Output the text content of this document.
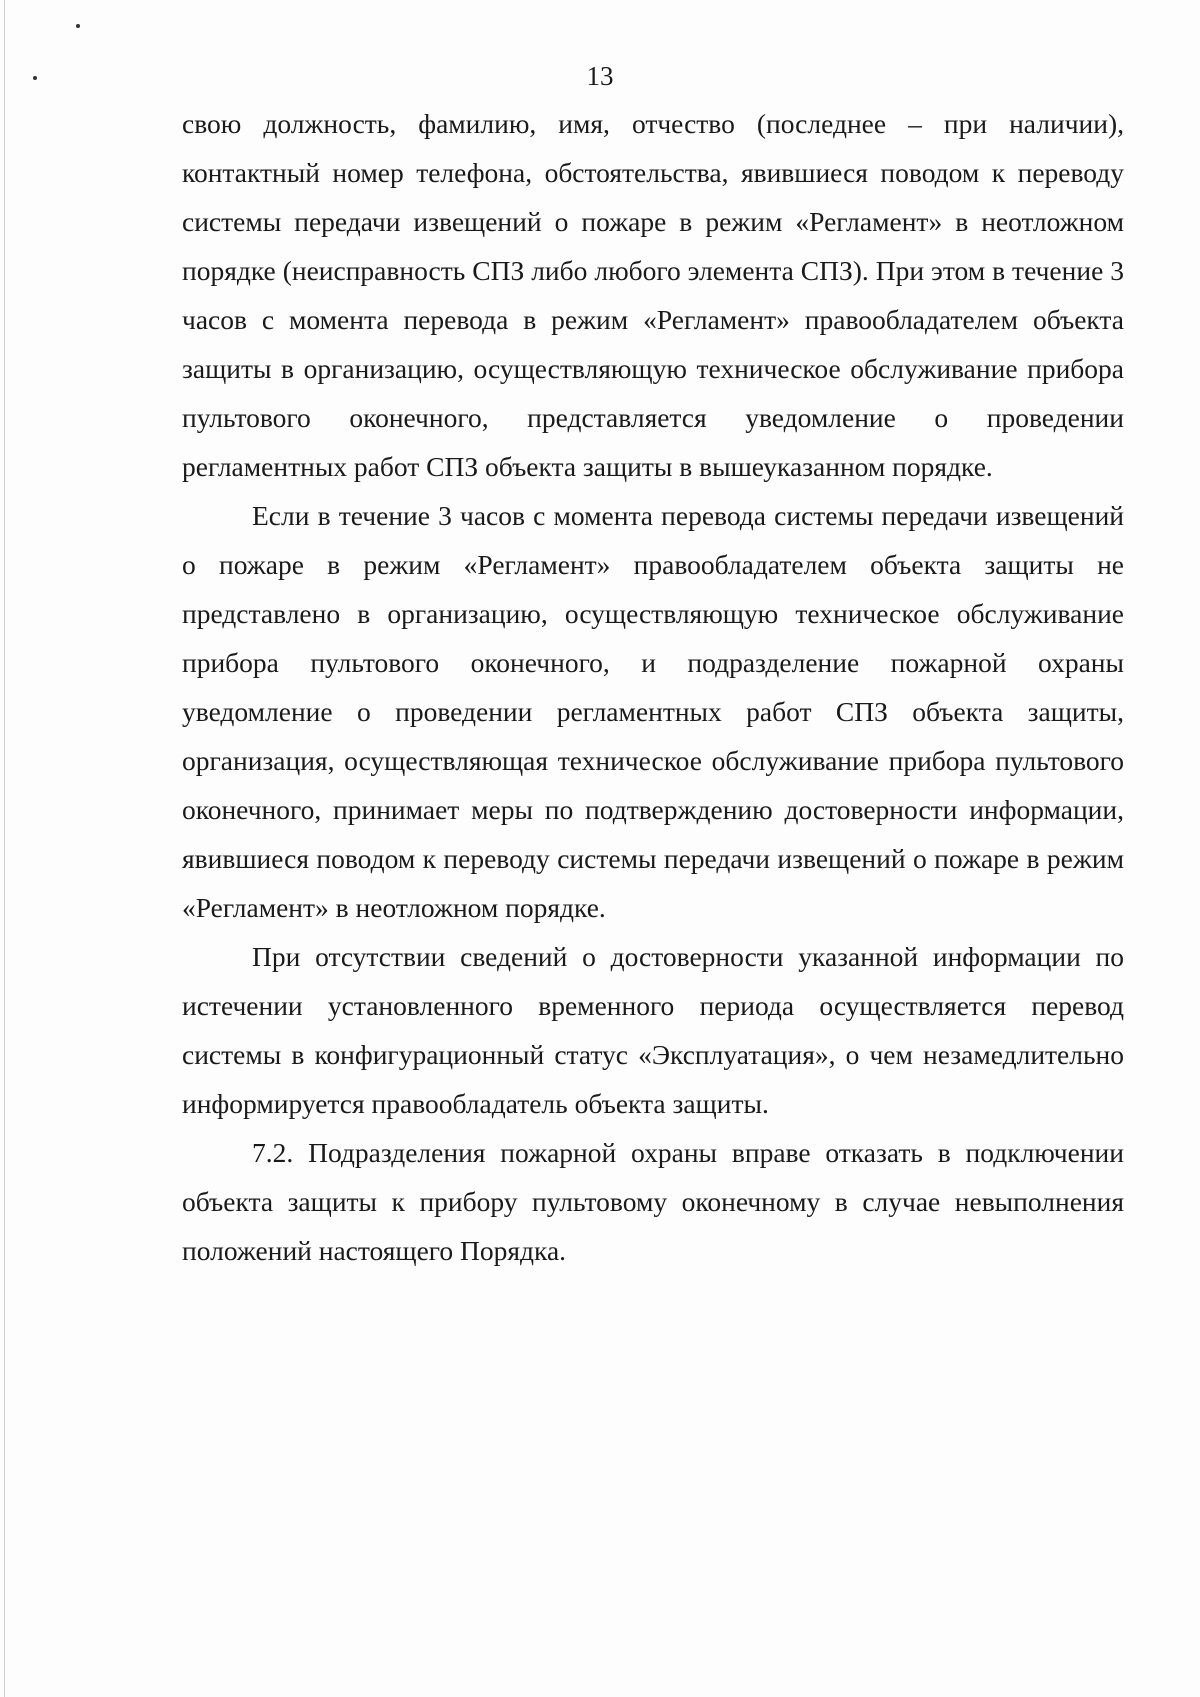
13

свою должность, фамилию, имя, отчество (последнее – при наличии), контактный номер телефона, обстоятельства, явившиеся поводом к переводу системы передачи извещений о пожаре в режим «Регламент» в неотложном порядке (неисправность СПЗ либо любого элемента СПЗ). При этом в течение 3 часов с момента перевода в режим «Регламент» правообладателем объекта защиты в организацию, осуществляющую техническое обслуживание прибора пультового оконечного, представляется уведомление о проведении регламентных работ СПЗ объекта защиты в вышеуказанном порядке.

Если в течение 3 часов с момента перевода системы передачи извещений о пожаре в режим «Регламент» правообладателем объекта защиты не представлено в организацию, осуществляющую техническое обслуживание прибора пультового оконечного, и подразделение пожарной охраны уведомление о проведении регламентных работ СПЗ объекта защиты, организация, осуществляющая техническое обслуживание прибора пультового оконечного, принимает меры по подтверждению достоверности информации, явившиеся поводом к переводу системы передачи извещений о пожаре в режим «Регламент» в неотложном порядке.

При отсутствии сведений о достоверности указанной информации по истечении установленного временного периода осуществляется перевод системы в конфигурационный статус «Эксплуатация», о чем незамедлительно информируется правообладатель объекта защиты.

7.2. Подразделения пожарной охраны вправе отказать в подключении объекта защиты к прибору пультовому оконечному в случае невыполнения положений настоящего Порядка.
